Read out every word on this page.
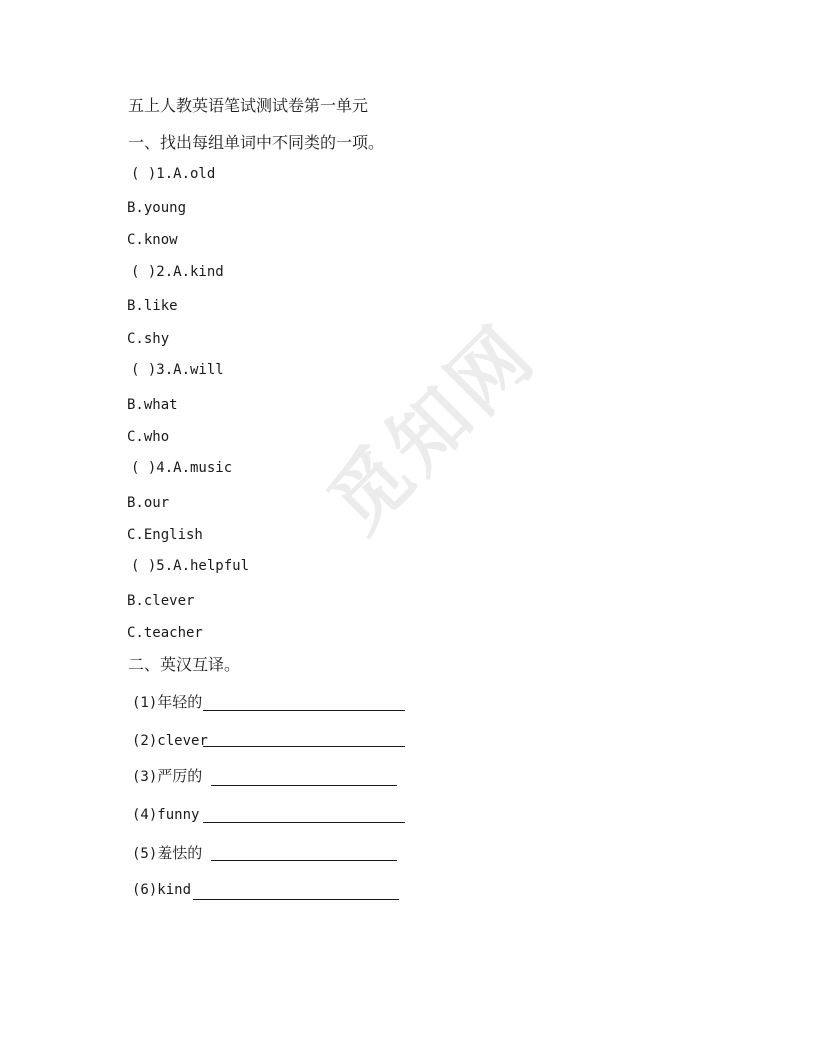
觅知网
五上人教英语笔试测试卷第一单元
一、找出每组单词中不同类的一项。
( )1.A.old
B.young
C.know
( )2.A.kind
B.like
C.shy
( )3.A.will
B.what
C.who
( )4.A.music
B.our
C.English
( )5.A.helpful
B.clever
C.teacher
二、英汉互译。
(1)年轻的
(2)clever
(3)严厉的
(4)funny
(5)羞怯的
(6)kind
